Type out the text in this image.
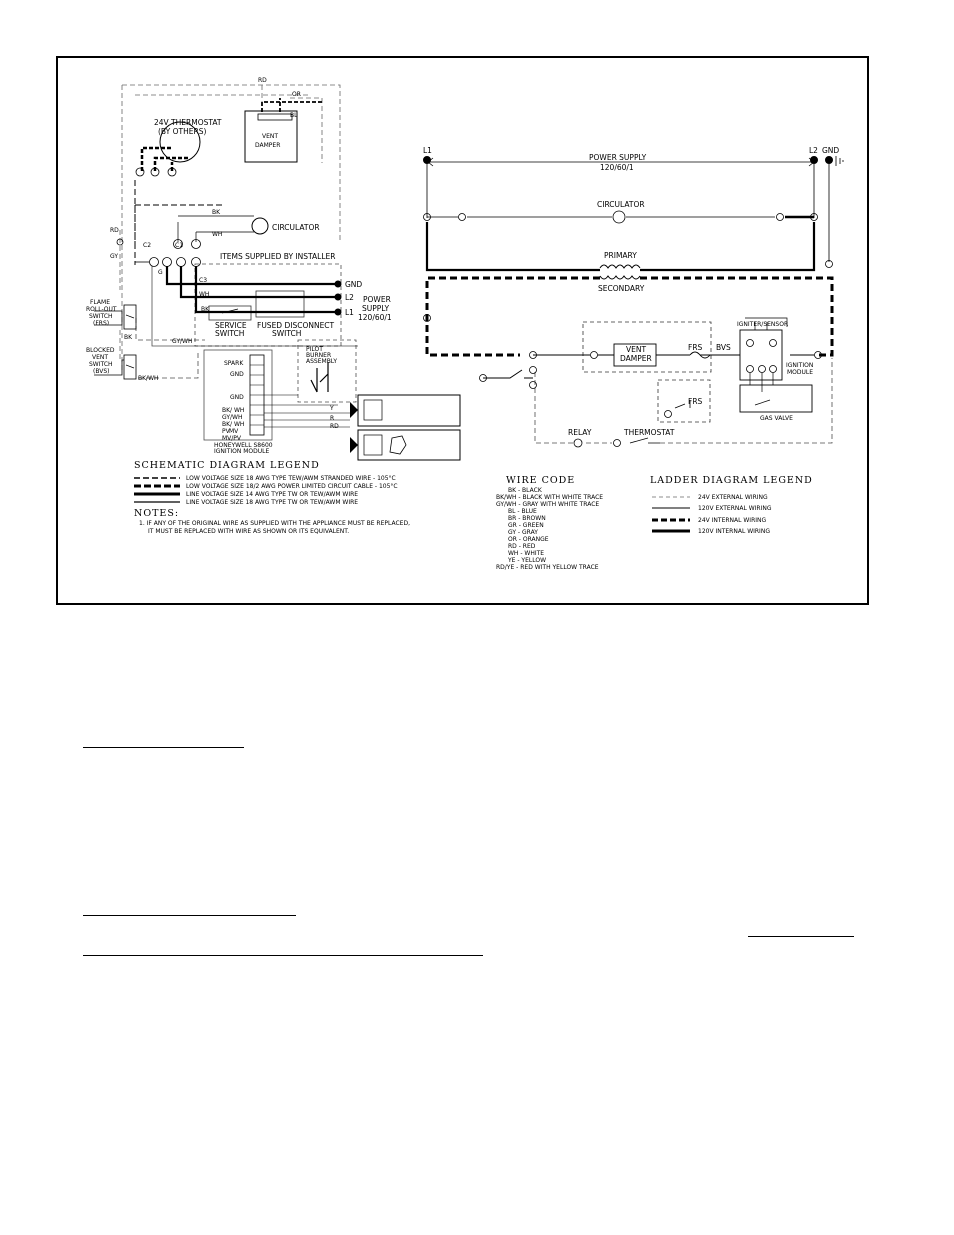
24V THERMOSTAT
(BY OTHERS)
VENT
DAMPER
CIRCULATOR
ITEMS SUPPLIED BY INSTALLER
GND
L2
L1
POWER
SUPPLY
120/60/1
SERVICE
SWITCH
FUSED DISCONNECT
SWITCH
FLAME
ROLL-OUT
SWITCH
(FRS)
BLOCKED
VENT
SWITCH
(BVS)
PILOT
BURNER
ASSEMBLY
HONEYWELL S8600
IGNITION MODULE
SPARK
GND
GND
BK/ WH
GY/WH
BK/ WH
PV
MV/PV
MV
RD
OR
BL
BK
WH
RD
GY
BK
GY/WH
BK/WH
C2	C1
G
C3
BK
WH
Y
R
RD
L1	L2 GND
POWER SUPPLY
120/60/1
CIRCULATOR
PRIMARY
SECONDARY
VENT
DAMPER
FRS BVS
IGNITER/SENSOR
IGNITION
MODULE
GAS VALVE
RELAY	THERMOSTAT
FRS
SCHEMATIC DIAGRAM LEGEND
LOW VOLTAGE SIZE 18 AWG TYPE TEW/AWM STRANDED WIRE - 105°C
LOW VOLTAGE SIZE 18/2 AWG POWER LIMITED CIRCUIT CABLE - 105°C
LINE VOLTAGE SIZE 14 AWG TYPE TW OR TEW/AWM WIRE
LINE VOLTAGE SIZE 18 AWG TYPE TW OR TEW/AWM WIRE
NOTES:
1. IF ANY OF THE ORIGINAL WIRE AS SUPPLIED WITH THE APPLIANCE MUST BE REPLACED,
IT MUST BE REPLACED WITH WIRE AS SHOWN OR ITS EQUIVALENT.
WIRE CODE
BK - BLACK
BK/WH - BLACK WITH WHITE TRACE
GY/WH - GRAY WITH WHITE TRACE
BL - BLUE
BR - BROWN
GR - GREEN
GY - GRAY
OR - ORANGE
RD - RED
WH - WHITE
YE - YELLOW
RD/YE - RED WITH YELLOW TRACE
LADDER DIAGRAM LEGEND
24V EXTERNAL WIRING
120V EXTERNAL WIRING
24V INTERNAL WIRING
120V INTERNAL WIRING
